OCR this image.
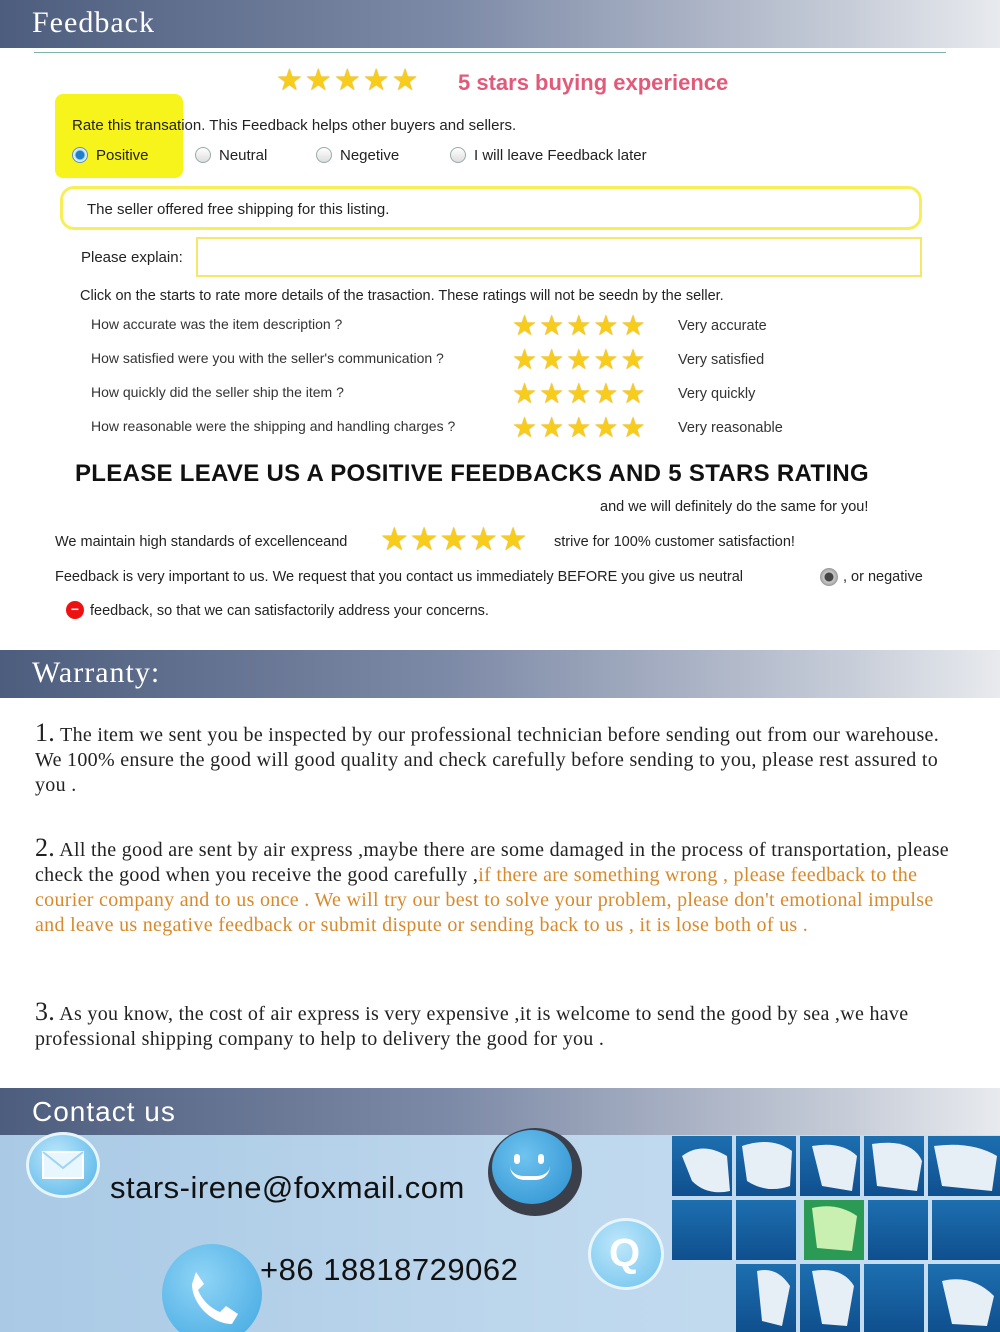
Feedback
★★★★★ 5 stars buying experience
Rate this transation. This Feedback helps other buyers and sellers.
Positive	Neutral	Negetive	I will leave Feedback later
The seller offered free shipping for this listing.
Please explain:
Click on the starts to rate more details of the trasaction. These ratings will not be seedn by the seller.
How accurate was the item description ?	★★★★★ Very accurate
How satisfied were you with the seller's communication ? ★★★★★ Very satisfied
How quickly did the seller ship the item ?	★★★★★ Very quickly
How reasonable were the shipping and handling charges ? ★★★★★ Very reasonable
PLEASE LEAVE US A POSITIVE FEEDBACKS AND 5 STARS RATING
and we will definitely do the same for you!
We maintain high standards of excellenceand ★★★★★ strive for 100% customer satisfaction!
Feedback is very important to us. We request that you contact us immediately BEFORE you give us neutral	, or negative
− feedback, so that we can satisfactorily address your concerns.
Warranty:

1. The item we sent you be inspected by our professional technician before sending out from our warehouse. We 100% ensure the good will good quality and check carefully before sending to you, please rest assured to you .

2. All the good are sent by air express ,maybe there are some damaged in the process of transportation, please check the good when you receive the good carefully ,if there are something wrong , please feedback to the courier company and to us once . We will try our best to solve your problem, please don't emotional impulse and leave us negative feedback or submit dispute or sending back to us , it is lose both of us .

3. As you know, the cost of air express is very expensive ,it is welcome to send the good by sea ,we have professional shipping company to help to delivery the good for you .

Contact us
stars-irene@foxmail.com
Q
+86 18818729062
